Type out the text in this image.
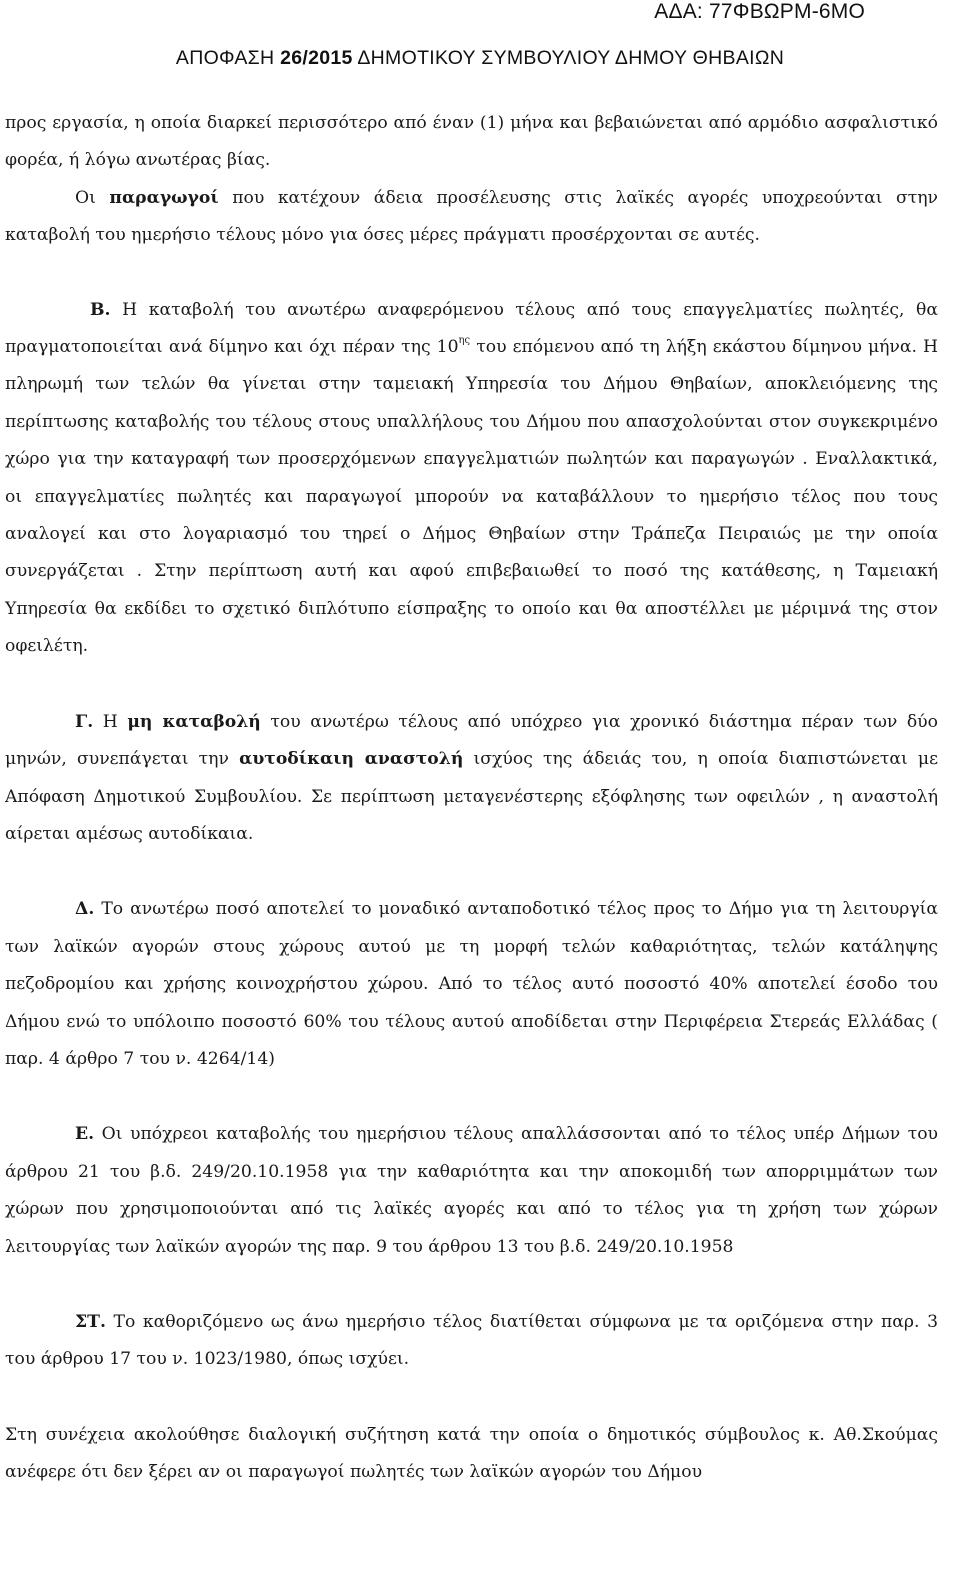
ΑΔΑ: 77ΦΒΩΡΜ-6ΜΟ
ΑΠΟΦΑΣΗ 26/2015 ΔΗΜΟΤΙΚΟΥ ΣΥΜΒΟΥΛΙΟΥ ΔΗΜΟΥ ΘΗΒΑΙΩΝ

προς εργασία, η οποία διαρκεί περισσότερο από έναν (1) μήνα και βεβαιώνεται από αρμόδιο ασφαλιστικό φορέα, ή λόγω ανωτέρας βίας.

Οι παραγωγοί που κατέχουν άδεια προσέλευσης στις λαϊκές αγορές υποχρεούνται στην καταβολή του ημερήσιο τέλους μόνο για όσες μέρες πράγματι προσέρχονται σε αυτές.

Β. Η καταβολή του ανωτέρω αναφερόμενου τέλους από τους επαγγελματίες πωλητές, θα πραγματοποιείται ανά δίμηνο και όχι πέραν της $10^{\eta\varsigma}$ του επόμενου από τη λήξη εκάστου δίμηνου μήνα. Η πληρωμή των τελών θα γίνεται στην ταμειακή Υπηρεσία του Δήμου Θηβαίων, αποκλειόμενης της περίπτωσης καταβολής του τέλους στους υπαλλήλους του Δήμου που απασχολούνται στον συγκεκριμένο χώρο για την καταγραφή των προσερχόμενων επαγγελματιών πωλητών και παραγωγών . Εναλλακτικά, οι επαγγελματίες πωλητές και παραγωγοί μπορούν να καταβάλλουν το ημερήσιο τέλος που τους αναλογεί και στο λογαριασμό του τηρεί ο Δήμος Θηβαίων στην Τράπεζα Πειραιώς με την οποία συνεργάζεται . Στην περίπτωση αυτή και αφού επιβεβαιωθεί το ποσό της κατάθεσης, η Ταμειακή Υπηρεσία θα εκδίδει το σχετικό διπλότυπο είσπραξης το οποίο και θα αποστέλλει με μέριμνά της στον οφειλέτη.

Γ. Η μη καταβολή του ανωτέρω τέλους από υπόχρεο για χρονικό διάστημα πέραν των δύο μηνών, συνεπάγεται την αυτοδίκαιη αναστολή ισχύος της άδειάς του, η οποία διαπιστώνεται με Απόφαση Δημοτικού Συμβουλίου. Σε περίπτωση μεταγενέστερης εξόφλησης των οφειλών , η αναστολή αίρεται αμέσως αυτοδίκαια.

Δ. Το ανωτέρω ποσό αποτελεί το μοναδικό ανταποδοτικό τέλος προς το Δήμο για τη λειτουργία των λαϊκών αγορών στους χώρους αυτού με τη μορφή τελών καθαριότητας, τελών κατάληψης πεζοδρομίου και χρήσης κοινοχρήστου χώρου. Από το τέλος αυτό ποσοστό 40% αποτελεί έσοδο του Δήμου ενώ το υπόλοιπο ποσοστό 60% του τέλους αυτού αποδίδεται στην Περιφέρεια Στερεάς Ελλάδας ( παρ. 4 άρθρο 7 του ν. 4264/14)

Ε. Οι υπόχρεοι καταβολής του ημερήσιου τέλους απαλλάσσονται από το τέλος υπέρ Δήμων του άρθρου 21 του β.δ. 249/20.10.1958 για την καθαριότητα και την αποκομιδή των απορριμμάτων των χώρων που χρησιμοποιούνται από τις λαϊκές αγορές και από το τέλος για τη χρήση των χώρων λειτουργίας των λαϊκών αγορών της παρ. 9 του άρθρου 13 του β.δ. 249/20.10.1958

ΣΤ. Το καθοριζόμενο ως άνω ημερήσιο τέλος διατίθεται σύμφωνα με τα οριζόμενα στην παρ. 3 του άρθρου 17 του ν. 1023/1980, όπως ισχύει.

Στη συνέχεια ακολούθησε διαλογική συζήτηση κατά την οποία ο δημοτικός σύμβουλος κ. Αθ.Σκούμας ανέφερε ότι δεν ξέρει αν οι παραγωγοί πωλητές των λαϊκών αγορών του Δήμου
